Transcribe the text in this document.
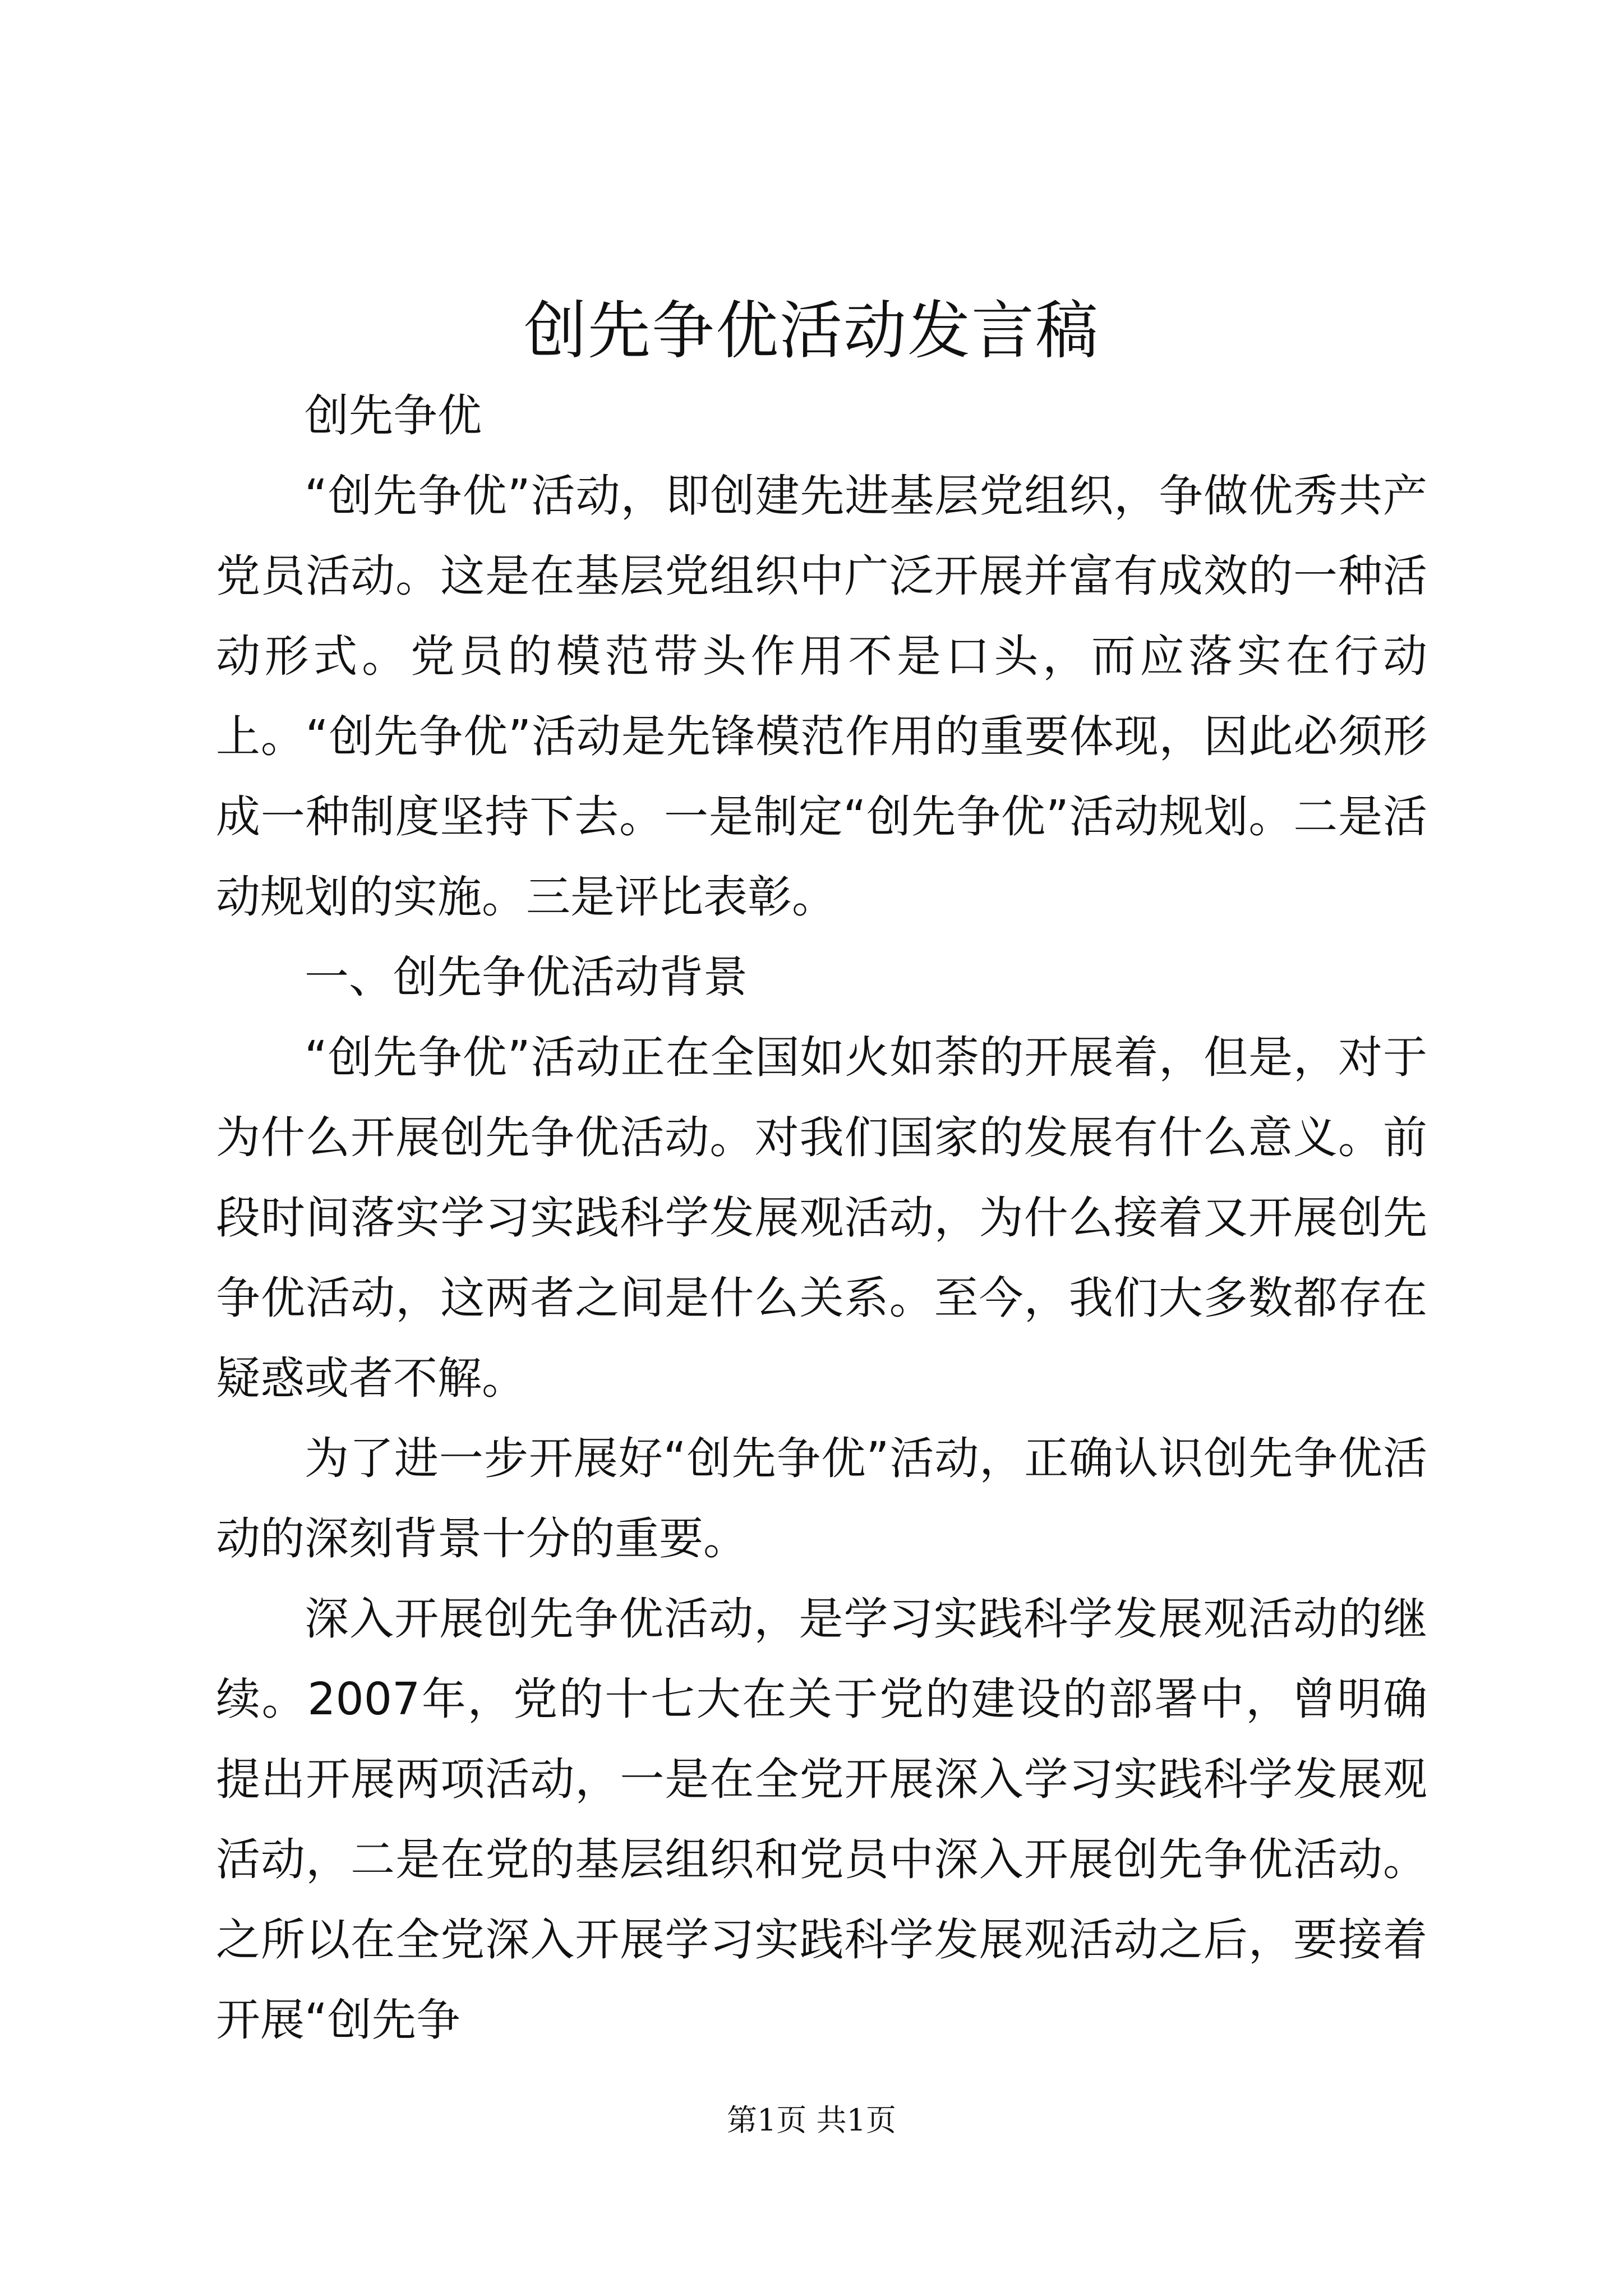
创先争优活动发言稿

创先争优

“创先争优”活动，即创建先进基层党组织，争做优秀共产党员活动。这是在基层党组织中广泛开展并富有成效的一种活动形式。党员的模范带头作用不是口头，而应落实在行动上。“创先争优”活动是先锋模范作用的重要体现，因此必须形成一种制度坚持下去。一是制定“创先争优”活动规划。二是活动规划的实施。三是评比表彰。

一、创先争优活动背景

“创先争优”活动正在全国如火如荼的开展着，但是，对于为什么开展创先争优活动。对我们国家的发展有什么意义。前段时间落实学习实践科学发展观活动，为什么接着又开展创先争优活动，这两者之间是什么关系。至今，我们大多数都存在疑惑或者不解。

为了进一步开展好“创先争优”活动，正确认识创先争优活动的深刻背景十分的重要。

深入开展创先争优活动，是学习实践科学发展观活动的继续。2007年，党的十七大在关于党的建设的部署中，曾明确提出开展两项活动，一是在全党开展深入学习实践科学发展观活动，二是在党的基层组织和党员中深入开展创先争优活动。之所以在全党深入开展学习实践科学发展观活动之后，要接着开展“创先争

第1页 共1页
